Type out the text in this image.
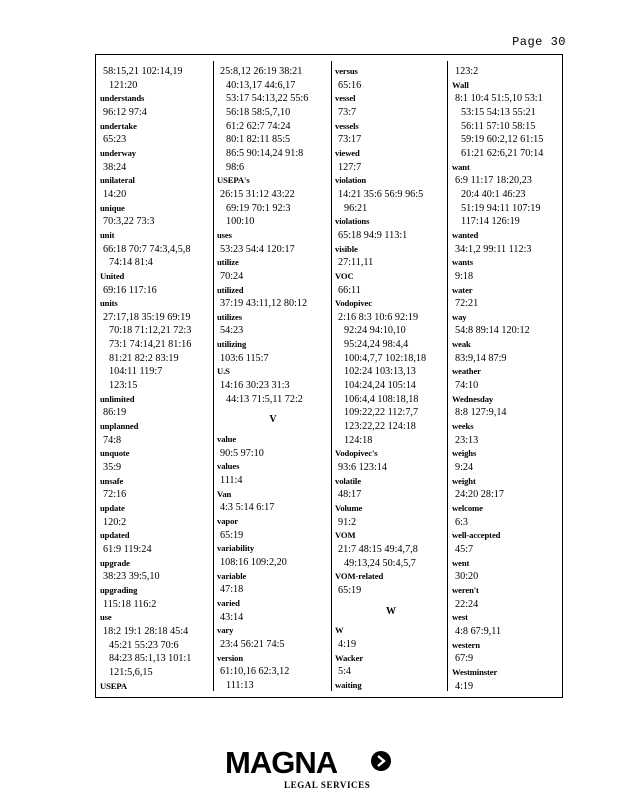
Page 30
58:15,21 102:14,19
121:20
understands
96:12 97:4
undertake
65:23
underway
38:24
unilateral
14:20
unique
70:3,22 73:3
unit
66:18 70:7 74:3,4,5,8
74:14 81:4
United
69:16 117:16
units
27:17,18 35:19 69:19
70:18 71:12,21 72:3
73:1 74:14,21 81:16
81:21 82:2 83:19
104:11 119:7
123:15
unlimited
86:19
unplanned
74:8
unquote
35:9
unsafe
72:16
update
120:2
updated
61:9 119:24
upgrade
38:23 39:5,10
upgrading
115:18 116:2
use
18:2 19:1 28:18 45:4
45:21 55:23 70:6
84:23 85:1,13 101:1
121:5,6,15
USEPA
25:8,12 26:19 38:21
40:13,17 44:6,17
53:17 54:13,22 55:6
56:18 58:5,7,10
61:2 62:7 74:24
80:1 82:11 85:5
86:5 90:14,24 91:8
98:6
USEPA's
26:15 31:12 43:22
69:19 70:1 92:3
100:10
uses
53:23 54:4 120:17
utilize
70:24
utilized
37:19 43:11,12 80:12
utilizes
54:23
utilizing
103:6 115:7
U.S
14:16 30:23 31:3
44:13 71:5,11 72:2
V
value
90:5 97:10
values
111:4
Van
4:3 5:14 6:17
vapor
65:19
variability
108:16 109:2,20
variable
47:18
varied
43:14
vary
23:4 56:21 74:5
version
61:10,16 62:3,12
111:13
versus
65:16
vessel
73:7
vessels
73:17
viewed
127:7
violation
14:21 35:6 56:9 96:5
96:21
violations
65:18 94:9 113:1
visible
27:11,11
VOC
66:11
Vodopivec
2:16 8:3 10:6 92:19
92:24 94:10,10
95:24,24 98:4,4
100:4,7,7 102:18,18
102:24 103:13,13
104:24,24 105:14
106:4,4 108:18,18
109:22,22 112:7,7
123:22,22 124:18
124:18
Vodopivec's
93:6 123:14
volatile
48:17
Volume
91:2
VOM
21:7 48:15 49:4,7,8
49:13,24 50:4,5,7
VOM-related
65:19
W
W
4:19
Wacker
5:4
waiting
123:2
Wall
8:1 10:4 51:5,10 53:1
53:15 54:13 55:21
56:11 57:10 58:15
59:19 60:2,12 61:15
61:21 62:6,21 70:14
want
6:9 11:17 18:20,23
20:4 40:1 46:23
51:19 94:11 107:19
117:14 126:19
wanted
34:1,2 99:11 112:3
wants
9:18
water
72:21
way
54:8 89:14 120:12
weak
83:9,14 87:9
weather
74:10
Wednesday
8:8 127:9,14
weeks
23:13
weighs
9:24
weight
24:20 28:17
welcome
6:3
well-accepted
45:7
went
30:20
weren't
22:24
west
4:8 67:9,11
western
67:9
Westminster
4:19
MAGNA
LEGAL SERVICES
